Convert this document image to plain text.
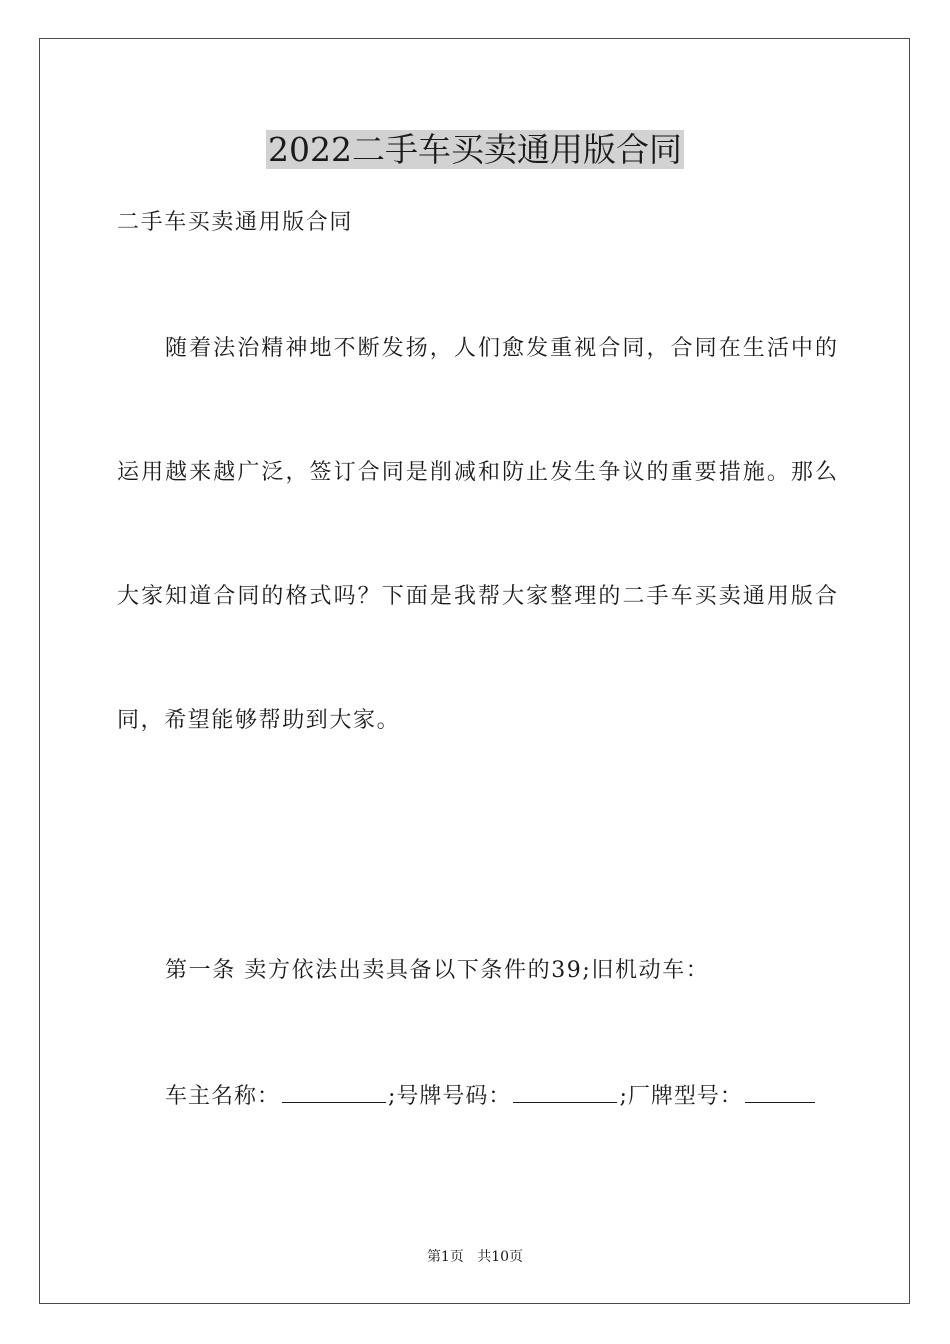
2022二手车买卖通用版合同

二手车买卖通用版合同

随着法治精神地不断发扬，人们愈发重视合同，合同在生活中的

运用越来越广泛，签订合同是削减和防止发生争议的重要措施。那么

大家知道合同的格式吗？下面是我帮大家整理的二手车买卖通用版合

同，希望能够帮助到大家。

第一条 卖方依法出卖具备以下条件的39;旧机动车：

车主名称：	;号牌号码：	;厂牌型号：

第1页 共10页
